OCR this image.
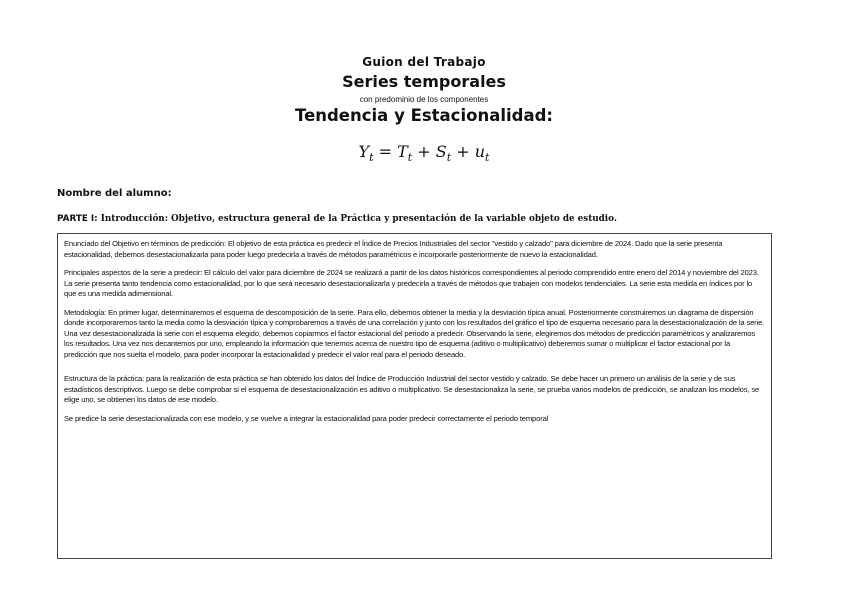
Guion del Trabajo
Series temporales
con predominio de los componentes
Tendencia y Estacionalidad:
$Y_t = T_t + S_t + u_t$
Nombre del alumno:
PARTE I: Introducción: Objetivo, estructura general de la Práctica y presentación de la variable objeto de estudio.

Enunciado del Objetivo en términos de predicción: El objetivo de esta práctica es predecir el Índice de Precios Industriales del sector "vestido y calzado" para diciembre de 2024. Dado que la serie presenta estacionalidad, debemos desestacionalizarla para poder luego predecirla a través de métodos paramétricos e incorporarle posteriormente de nuevo la estacionalidad.

Principales aspectos de la serie a predecir: El cálculo del valor para diciembre de 2024 se realizará a partir de los datos históricos correspondientes al periodo comprendido entre enero del 2014 y noviembre del 2023. La serie presenta tanto tendencia como estacionalidad, por lo que será necesario desestacionalizarla y predecirla a través de métodos que trabajen con modelos tendenciales. La serie esta medida en índices por lo que es una medida adimensional.

Metodología: En primer lugar, determinaremos el esquema de descomposición de la serie. Para ello, debemos obtener la media y la desviación típica anual. Posteriormente construiremos un diagrama de dispersión donde incorporaremos tanto la media como la desviación típica y comprobaremos a través de una correlación y junto con los resultados del gráfico el tipo de esquema necesario para la desestacionalización de la serie. Una vez desestacionalizada la serie con el esquema elegido, debemos copiarmos el factor estacional del periodo a predecir. Observando la serie, elegiremos dos métodos de predicción paramétricos y analizaremos los resultados. Una vez nos decantemos por uno, empleando la información que tenemos acerca de nuestro tipo de esquema (aditivo o multiplicativo) deberemos sumar o multiplicar el factor estacional por la predicción que nos suelta el modelo, para poder incorporar la estacionalidad y predecir el valor real para el periodo deseado.

Estructura de la práctica: para la realización de esta práctica se han obtenido los datos del Índice de Producción Industrial del sector vestido y calzado. Se debe hacer un primero un análisis de la serie y de sus estadísticos descriptivos. Luego se debe comprobar si el esquema de desestacionalización es aditivo o multiplicativo. Se desestacionaliza la serie, se prueba varios modelos de predicción, se analizan los modelos, se elige uno, se obtienen los datos de ese modelo.

Se predice la serie desestacionalizada con ese modelo, y se vuelve a integrar la estacionalidad para poder predecir correctamente el periodo temporal
